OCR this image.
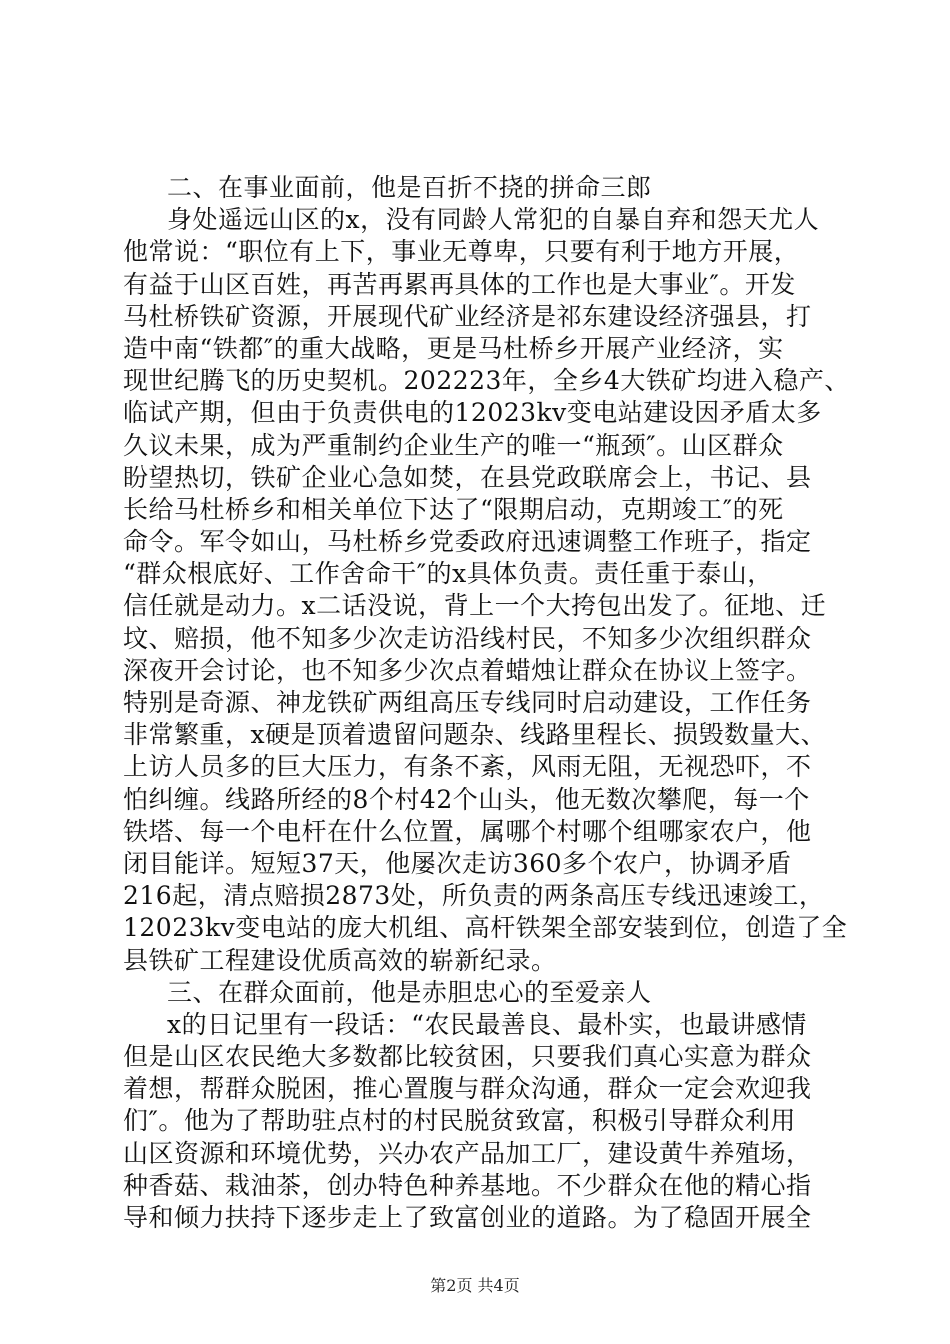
二、在事业面前，他是百折不挠的拼命三郎
身处遥远山区的x，没有同龄人常犯的自暴自弃和怨天尤人
他常说：“职位有上下，事业无尊卑，只要有利于地方开展，
有益于山区百姓，再苦再累再具体的工作也是大事业″。开发
马杜桥铁矿资源，开展现代矿业经济是祁东建设经济强县，打
造中南“铁都″的重大战略，更是马杜桥乡开展产业经济，实
现世纪腾飞的历史契机。202223年，全乡4大铁矿均进入稳产、
临试产期，但由于负责供电的12023kv变电站建设因矛盾太多
久议未果，成为严重制约企业生产的唯一“瓶颈″。山区群众
盼望热切，铁矿企业心急如焚，在县党政联席会上，书记、县
长给马杜桥乡和相关单位下达了“限期启动，克期竣工″的死
命令。军令如山，马杜桥乡党委政府迅速调整工作班子，指定
“群众根底好、工作舍命干″的x具体负责。责任重于泰山，
信任就是动力。x二话没说，背上一个大挎包出发了。征地、迁
坟、赔损，他不知多少次走访沿线村民，不知多少次组织群众
深夜开会讨论，也不知多少次点着蜡烛让群众在协议上签字。
特别是奇源、神龙铁矿两组高压专线同时启动建设，工作任务
非常繁重，x硬是顶着遗留问题杂、线路里程长、损毁数量大、
上访人员多的巨大压力，有条不紊，风雨无阻，无视恐吓，不
怕纠缠。线路所经的8个村42个山头，他无数次攀爬，每一个
铁塔、每一个电杆在什么位置，属哪个村哪个组哪家农户，他
闭目能详。短短37天，他屡次走访360多个农户，协调矛盾
216起，清点赔损2873处，所负责的两条高压专线迅速竣工，
12023kv变电站的庞大机组、高杆铁架全部安装到位，创造了全
县铁矿工程建设优质高效的崭新纪录。
三、在群众面前，他是赤胆忠心的至爱亲人
x的日记里有一段话：“农民最善良、最朴实，也最讲感情
但是山区农民绝大多数都比较贫困，只要我们真心实意为群众
着想，帮群众脱困，推心置腹与群众沟通，群众一定会欢迎我
们″。他为了帮助驻点村的村民脱贫致富，积极引导群众利用
山区资源和环境优势，兴办农产品加工厂，建设黄牛养殖场，
种香菇、栽油茶，创办特色种养基地。不少群众在他的精心指
导和倾力扶持下逐步走上了致富创业的道路。为了稳固开展全
第2页 共4页
